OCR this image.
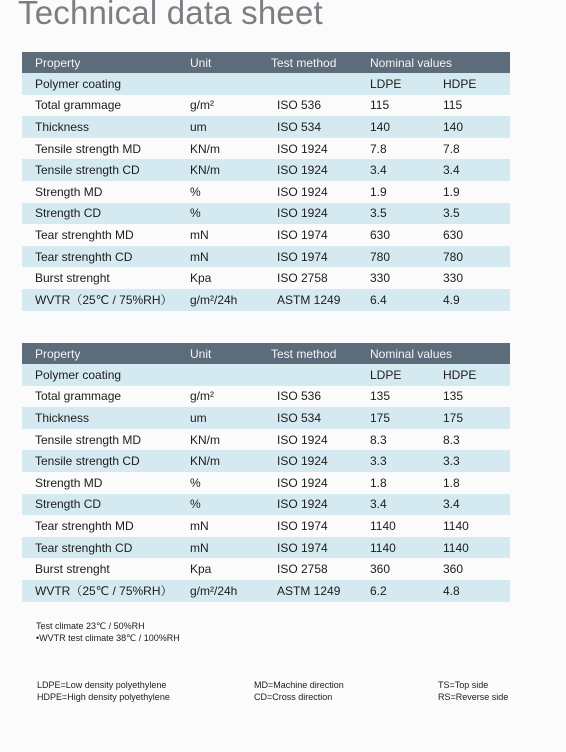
Technical data sheet
Property	Unit	Test method	Nominal values	
Polymer coating			LDPE	HDPE
Total grammage	g/m²	ISO 536	115	115
Thickness	um	ISO 534	140	140
Tensile strength MD	KN/m	ISO 1924	7.8	7.8
Tensile strength CD	KN/m	ISO 1924	3.4	3.4
Strength MD	%	ISO 1924	1.9	1.9
Strength CD	%	ISO 1924	3.5	3.5
Tear strenghth MD	mN	ISO 1974	630	630
Tear strenghth CD	mN	ISO 1974	780	780
Burst strenght	Kpa	ISO 2758	330	330
WVTR（25℃ / 75%RH）	g/m²/24h	ASTM 1249	6.4	4.9
Property	Unit	Test method	Nominal values	
Polymer coating			LDPE	HDPE
Total grammage	g/m²	ISO 536	135	135
Thickness	um	ISO 534	175	175
Tensile strength MD	KN/m	ISO 1924	8.3	8.3
Tensile strength CD	KN/m	ISO 1924	3.3	3.3
Strength MD	%	ISO 1924	1.8	1.8
Strength CD	%	ISO 1924	3.4	3.4
Tear strenghth MD	mN	ISO 1974	1140	1140
Tear strenghth CD	mN	ISO 1974	1140	1140
Burst strenght	Kpa	ISO 2758	360	360
WVTR（25℃ / 75%RH）	g/m²/24h	ASTM 1249	6.2	4.8
Test climate 23℃ / 50%RH
•WVTR test climate 38℃ / 100%RH
LDPE=Low density polyethylene
HDPE=High density polyethylene
MD=Machine direction
CD=Cross direction
TS=Top side
RS=Reverse side
